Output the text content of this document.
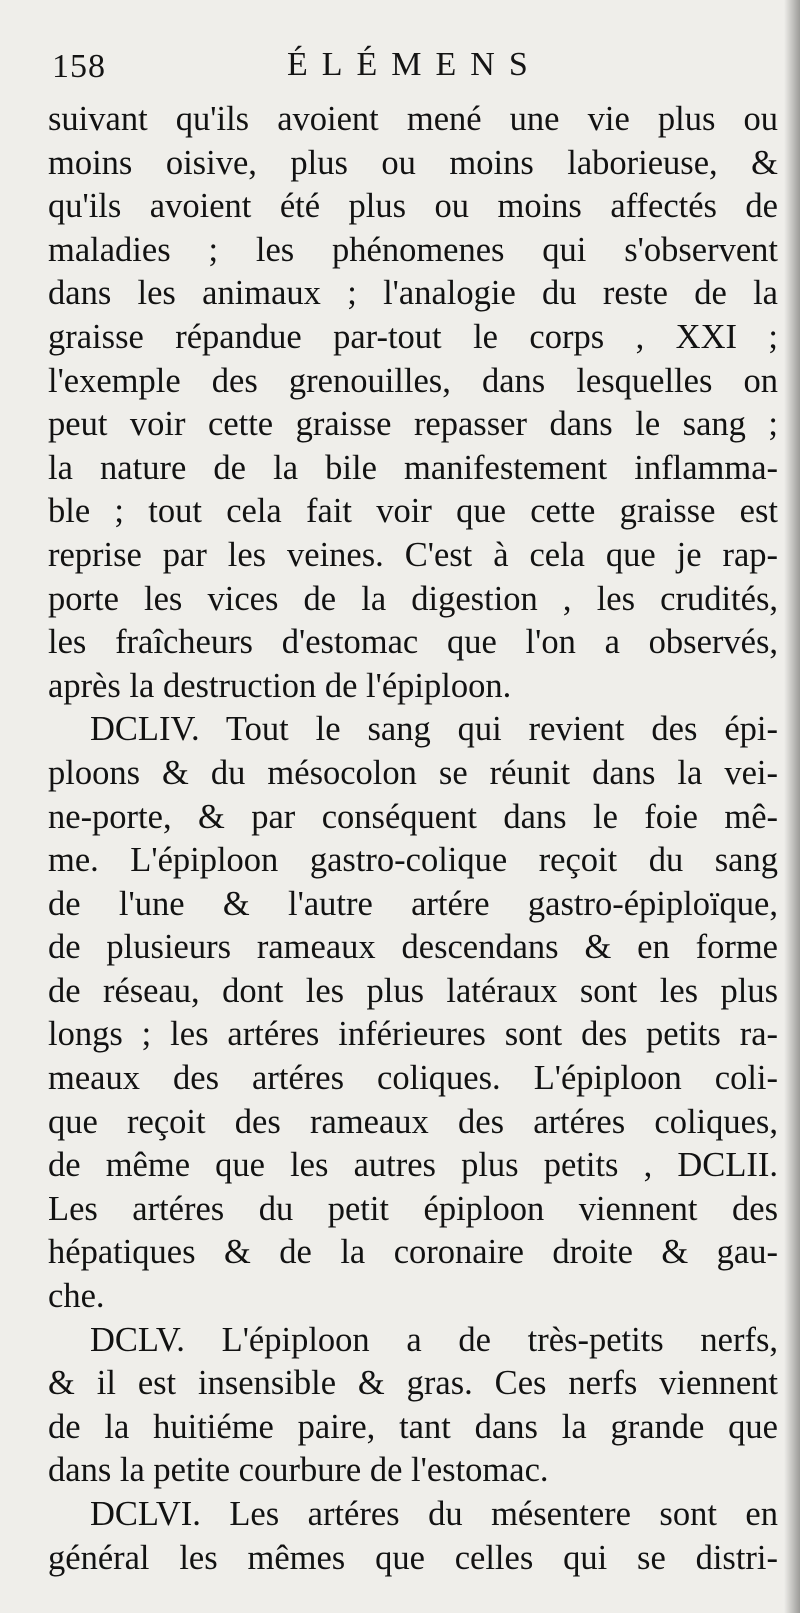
158	ÉLÉMENS
suivant qu'ils avoient mené une vie plus ou
moins oisive, plus ou moins laborieuse, &
qu'ils avoient été plus ou moins affectés de
maladies ; les phénomenes qui s'observent
dans les animaux ; l'analogie du reste de la
graisse répandue par-tout le corps , XXI ;
l'exemple des grenouilles, dans lesquelles on
peut voir cette graisse repasser dans le sang ;
la nature de la bile manifestement inflamma-
ble ; tout cela fait voir que cette graisse est
reprise par les veines. C'est à cela que je rap-
porte les vices de la digestion , les crudités,
les fraîcheurs d'estomac que l'on a observés,
après la destruction de l'épiploon.
DCLIV. Tout le sang qui revient des épi-
ploons & du mésocolon se réunit dans la vei-
ne-porte, & par conséquent dans le foie mê-
me. L'épiploon gastro-colique reçoit du sang
de l'une & l'autre artére gastro-épiploïque,
de plusieurs rameaux descendans & en forme
de réseau, dont les plus latéraux sont les plus
longs ; les artéres inférieures sont des petits ra-
meaux des artéres coliques. L'épiploon coli-
que reçoit des rameaux des artéres coliques,
de même que les autres plus petits , DCLII.
Les artéres du petit épiploon viennent des
hépatiques & de la coronaire droite & gau-
che.
DCLV. L'épiploon a de très-petits nerfs,
& il est insensible & gras. Ces nerfs viennent
de la huitiéme paire, tant dans la grande que
dans la petite courbure de l'estomac.
DCLVI. Les artéres du mésentere sont en
général les mêmes que celles qui se distri-
